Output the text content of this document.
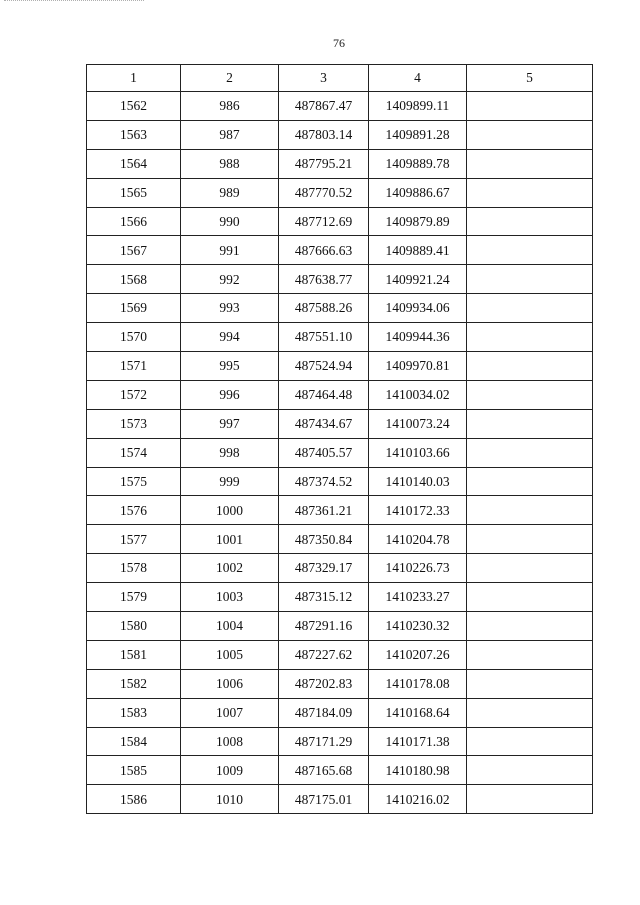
76
1	2	3	4	5
1562	986	487867.47	1409899.11	
1563	987	487803.14	1409891.28	
1564	988	487795.21	1409889.78	
1565	989	487770.52	1409886.67	
1566	990	487712.69	1409879.89	
1567	991	487666.63	1409889.41	
1568	992	487638.77	1409921.24	
1569	993	487588.26	1409934.06	
1570	994	487551.10	1409944.36	
1571	995	487524.94	1409970.81	
1572	996	487464.48	1410034.02	
1573	997	487434.67	1410073.24	
1574	998	487405.57	1410103.66	
1575	999	487374.52	1410140.03	
1576	1000	487361.21	1410172.33	
1577	1001	487350.84	1410204.78	
1578	1002	487329.17	1410226.73	
1579	1003	487315.12	1410233.27	
1580	1004	487291.16	1410230.32	
1581	1005	487227.62	1410207.26	
1582	1006	487202.83	1410178.08	
1583	1007	487184.09	1410168.64	
1584	1008	487171.29	1410171.38	
1585	1009	487165.68	1410180.98	
1586	1010	487175.01	1410216.02	
